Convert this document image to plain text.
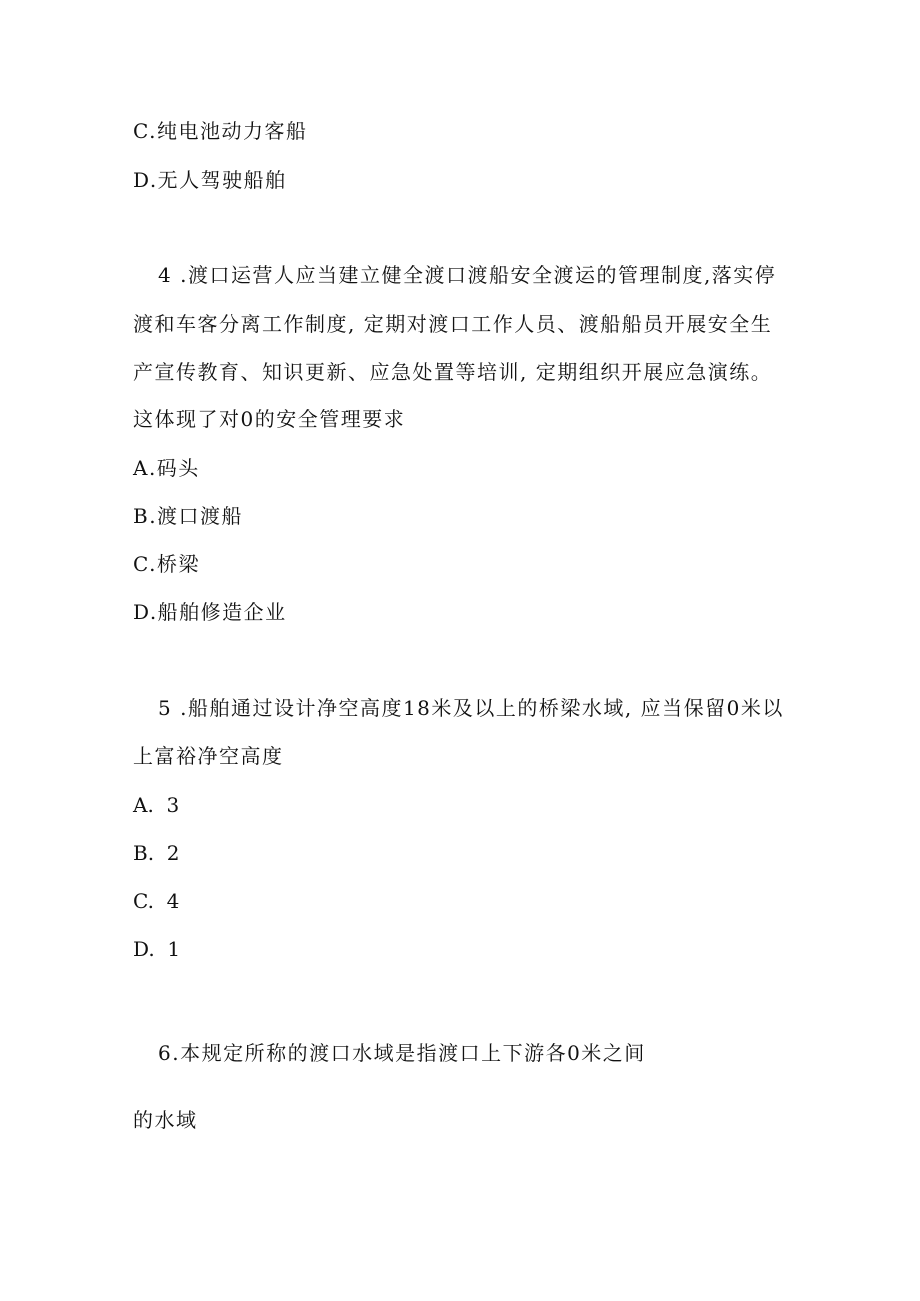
C.纯电池动力客船
D.无人驾驶船舶
4 .渡口运营人应当建立健全渡口渡船安全渡运的管理制度,落实停
渡和车客分离工作制度, 定期对渡口工作人员、渡船船员开展安全生
产宣传教育、知识更新、应急处置等培训, 定期组织开展应急演练。
这体现了对0的安全管理要求
A.码头
B.渡口渡船
C.桥梁
D.船舶修造企业
5 .船舶通过设计净空高度18米及以上的桥梁水域, 应当保留0米以
上富裕净空高度
A.  3
B.  2
C.  4
D.  1
6.本规定所称的渡口水域是指渡口上下游各0米之间
的水域
